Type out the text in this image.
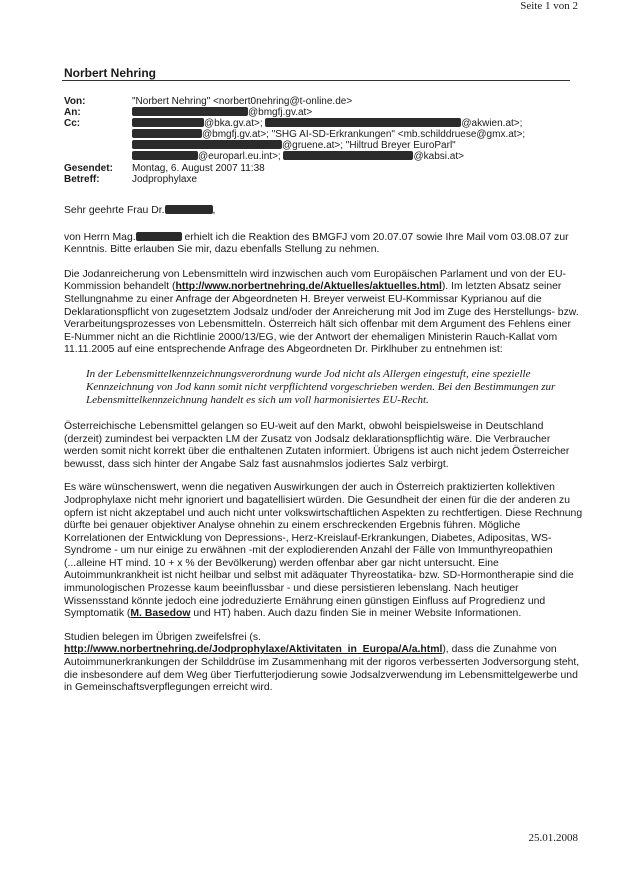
Seite 1 von 2
Norbert Nehring
Von:	"Norbert Nehring" <norbert0nehring@t-online.de>
An:	@bmgfj.gv.at>
Cc:	@bka.gv.at>;	@akwien.at>;
@bmgfj.gv.at>; "SHG AI-SD-Erkrankungen" <mb.schilddruese@gmx.at>;
@gruene.at>; "Hiltrud Breyer EuroParl"
@europarl.eu.int>;	@kabsi.at>
Gesendet: Montag, 6. August 2007 11:38
Betreff:	Jodprophylaxe

Sehr geehrte Frau Dr.	,

von Herrn Mag.	erhielt ich die Reaktion des BMGFJ vom 20.07.07 sowie Ihre Mail vom 03.08.07 zur Kenntnis. Bitte erlauben Sie mir, dazu ebenfalls Stellung zu nehmen.

Die Jodanreicherung von Lebensmitteln wird inzwischen auch vom Europäischen Parlament und von der EU-Kommission behandelt (http://www.norbertnehring.de/Aktuelles/aktuelles.html). Im letzten Absatz seiner Stellungnahme zu einer Anfrage der Abgeordneten H. Breyer verweist EU-Kommissar Kyprianou auf die Deklarationspflicht von zugesetztem Jodsalz und/oder der Anreicherung mit Jod im Zuge des Herstellungs- bzw. Verarbeitungsprozesses von Lebensmitteln. Österreich hält sich offenbar mit dem Argument des Fehlens einer E-Nummer nicht an die Richtlinie 2000/13/EG, wie der Antwort der ehemaligen Ministerin Rauch-Kallat vom 11.11.2005 auf eine entsprechende Anfrage des Abgeordneten Dr. Pirklhuber zu entnehmen ist:

In der Lebensmittelkennzeichnungsverordnung wurde Jod nicht als Allergen eingestuft, eine spezielle Kennzeichnung von Jod kann somit nicht verpflichtend vorgeschrieben werden. Bei den Bestimmungen zur Lebensmittelkennzeichnung handelt es sich um voll harmonisiertes EU-Recht.

Österreichische Lebensmittel gelangen so EU-weit auf den Markt, obwohl beispielsweise in Deutschland (derzeit) zumindest bei verpackten LM der Zusatz von Jodsalz deklarationspflichtig wäre. Die Verbraucher werden somit nicht korrekt über die enthaltenen Zutaten informiert. Übrigens ist auch nicht jedem Österreicher bewusst, dass sich hinter der Angabe Salz fast ausnahmslos jodiertes Salz verbirgt.

Es wäre wünschenswert, wenn die negativen Auswirkungen der auch in Österreich praktizierten kollektiven Jodprophylaxe nicht mehr ignoriert und bagatellisiert würden. Die Gesundheit der einen für die der anderen zu opfern ist nicht akzeptabel und auch nicht unter volkswirtschaftlichen Aspekten zu rechtfertigen. Diese Rechnung dürfte bei genauer objektiver Analyse ohnehin zu einem erschreckenden Ergebnis führen. Mögliche Korrelationen der Entwicklung von Depressions-, Herz-Kreislauf-Erkrankungen, Diabetes, Adipositas, WS-Syndrome - um nur einige zu erwähnen -mit der explodierenden Anzahl der Fälle von Immunthyreopathien (...alleine HT mind. 10 + x % der Bevölkerung) werden offenbar aber gar nicht untersucht. Eine Autoimmunkrankheit ist nicht heilbar und selbst mit adäquater Thyreostatika- bzw. SD-Hormontherapie sind die immunologischen Prozesse kaum beeinflussbar - und diese persistieren lebenslang. Nach heutiger Wissensstand könnte jedoch eine jodreduzierte Ernährung einen günstigen Einfluss auf Progredienz und Symptomatik (M. Basedow und HT) haben. Auch dazu finden Sie in meiner Website Informationen.

Studien belegen im Übrigen zweifelsfrei (s. http://www.norbertnehring.de/Jodprophylaxe/Aktivitaten_in_Europa/A/a.html), dass die Zunahme von Autoimmunerkrankungen der Schilddrüse im Zusammenhang mit der rigoros verbesserten Jodversorgung steht, die insbesondere auf dem Weg über Tierfutterjodierung sowie Jodsalzverwendung im Lebensmittelgewerbe und in Gemeinschaftsverpflegungen erreicht wird.

25.01.2008
